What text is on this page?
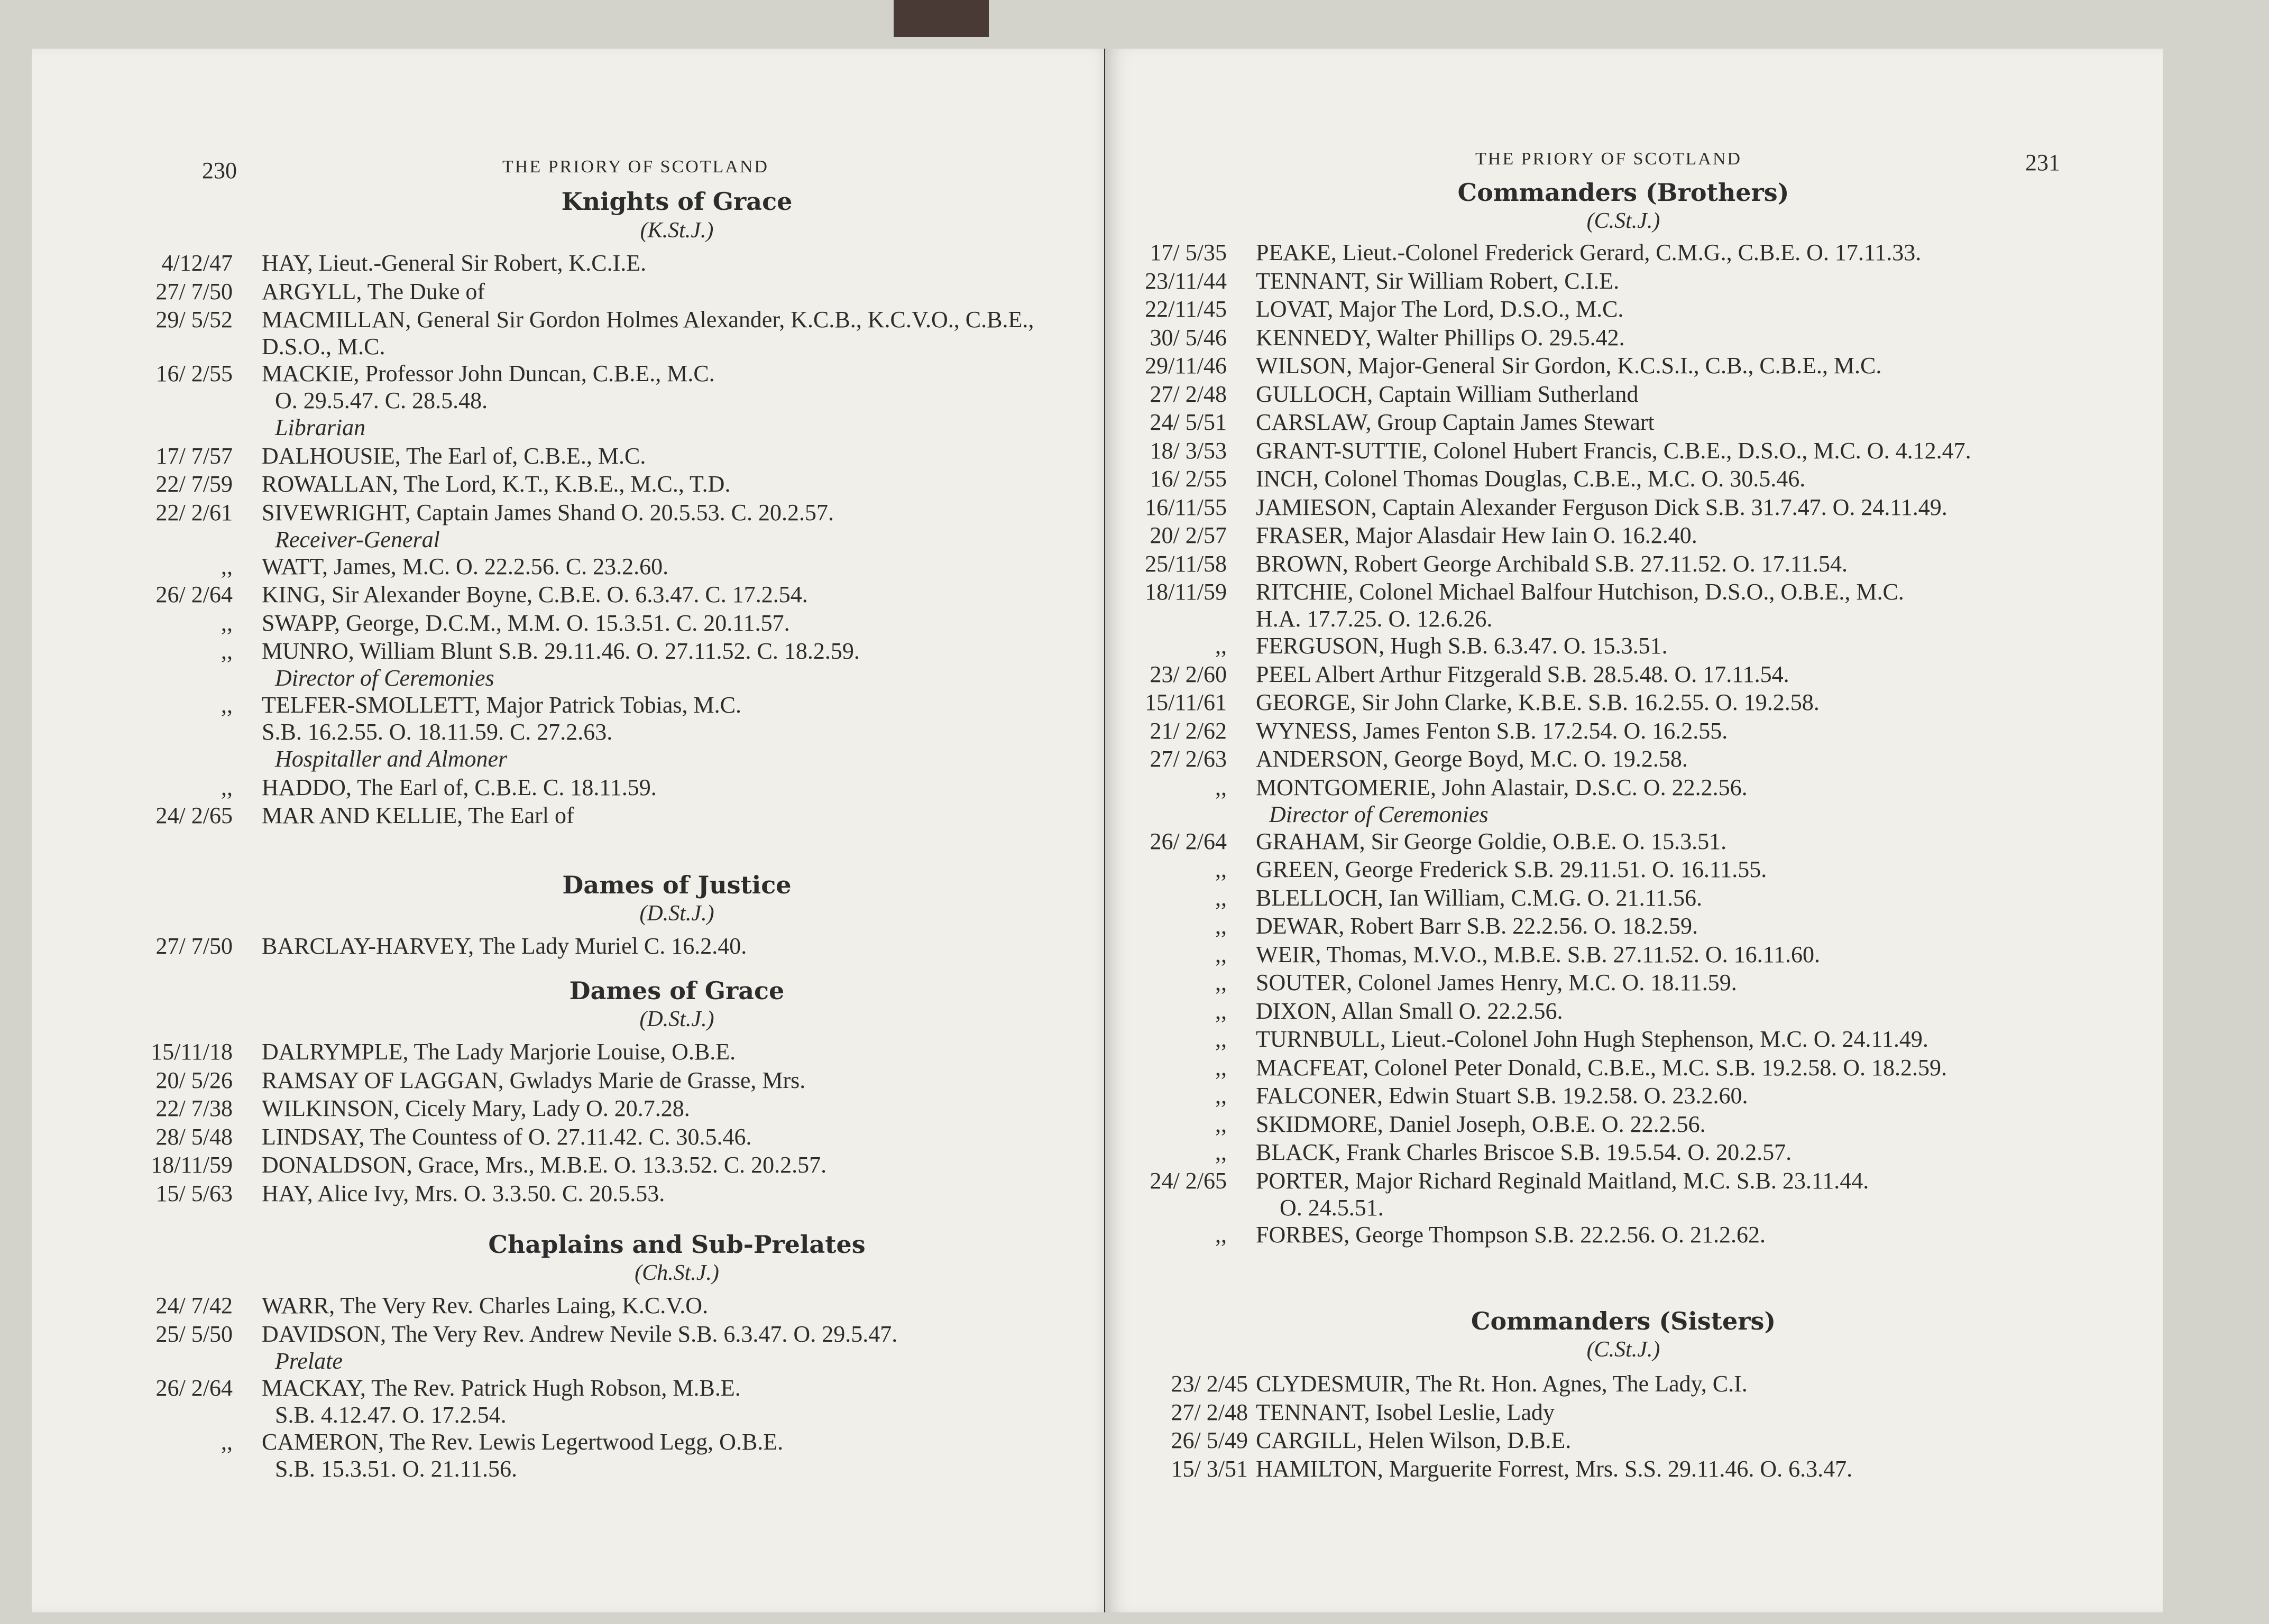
230	THE PRIORY OF SCOTLAND
Knights of Grace
(K.St.J.)
4/12/47 HAY, Lieut.-General Sir Robert, K.C.I.E.
27/ 7/50 ARGYLL, The Duke of
29/ 5/52 MACMILLAN, General Sir Gordon Holmes Alexander, K.C.B., K.C.V.O., C.B.E.,
D.S.O., M.C.
16/ 2/55 MACKIE, Professor John Duncan, C.B.E., M.C.
O. 29.5.47. C. 28.5.48.
Librarian
17/ 7/57 DALHOUSIE, The Earl of, C.B.E., M.C.
22/ 7/59 ROWALLAN, The Lord, K.T., K.B.E., M.C., T.D.
22/ 2/61 SIVEWRIGHT, Captain James Shand O. 20.5.53. C. 20.2.57.
Receiver-General
,, WATT, James, M.C. O. 22.2.56. C. 23.2.60.
26/ 2/64 KING, Sir Alexander Boyne, C.B.E. O. 6.3.47. C. 17.2.54.
,, SWAPP, George, D.C.M., M.M. O. 15.3.51. C. 20.11.57.
,, MUNRO, William Blunt S.B. 29.11.46. O. 27.11.52. C. 18.2.59.
Director of Ceremonies
,, TELFER-SMOLLETT, Major Patrick Tobias, M.C.
S.B. 16.2.55. O. 18.11.59. C. 27.2.63.
Hospitaller and Almoner
,, HADDO, The Earl of, C.B.E. C. 18.11.59.
24/ 2/65 MAR AND KELLIE, The Earl of
Dames of Justice
(D.St.J.)
27/ 7/50 BARCLAY-HARVEY, The Lady Muriel C. 16.2.40.
Dames of Grace
(D.St.J.)
15/11/18 DALRYMPLE, The Lady Marjorie Louise, O.B.E.
20/ 5/26 RAMSAY OF LAGGAN, Gwladys Marie de Grasse, Mrs.
22/ 7/38 WILKINSON, Cicely Mary, Lady O. 20.7.28.
28/ 5/48 LINDSAY, The Countess of O. 27.11.42. C. 30.5.46.
18/11/59 DONALDSON, Grace, Mrs., M.B.E. O. 13.3.52. C. 20.2.57.
15/ 5/63 HAY, Alice Ivy, Mrs. O. 3.3.50. C. 20.5.53.
Chaplains and Sub-Prelates
(Ch.St.J.)
24/ 7/42 WARR, The Very Rev. Charles Laing, K.C.V.O.
25/ 5/50 DAVIDSON, The Very Rev. Andrew Nevile S.B. 6.3.47. O. 29.5.47.
Prelate
26/ 2/64 MACKAY, The Rev. Patrick Hugh Robson, M.B.E.
S.B. 4.12.47. O. 17.2.54.
,, CAMERON, The Rev. Lewis Legertwood Legg, O.B.E.
S.B. 15.3.51. O. 21.11.56.
THE PRIORY OF SCOTLAND	231
Commanders (Brothers)
(C.St.J.)
17/ 5/35 PEAKE, Lieut.-Colonel Frederick Gerard, C.M.G., C.B.E. O. 17.11.33.
23/11/44 TENNANT, Sir William Robert, C.I.E.
22/11/45 LOVAT, Major The Lord, D.S.O., M.C.
30/ 5/46 KENNEDY, Walter Phillips O. 29.5.42.
29/11/46 WILSON, Major-General Sir Gordon, K.C.S.I., C.B., C.B.E., M.C.
27/ 2/48 GULLOCH, Captain William Sutherland
24/ 5/51 CARSLAW, Group Captain James Stewart
18/ 3/53 GRANT-SUTTIE, Colonel Hubert Francis, C.B.E., D.S.O., M.C. O. 4.12.47.
16/ 2/55 INCH, Colonel Thomas Douglas, C.B.E., M.C. O. 30.5.46.
16/11/55 JAMIESON, Captain Alexander Ferguson Dick S.B. 31.7.47. O. 24.11.49.
20/ 2/57 FRASER, Major Alasdair Hew Iain O. 16.2.40.
25/11/58 BROWN, Robert George Archibald S.B. 27.11.52. O. 17.11.54.
18/11/59 RITCHIE, Colonel Michael Balfour Hutchison, D.S.O., O.B.E., M.C.
H.A. 17.7.25. O. 12.6.26.
,, FERGUSON, Hugh S.B. 6.3.47. O. 15.3.51.
23/ 2/60 PEEL Albert Arthur Fitzgerald S.B. 28.5.48. O. 17.11.54.
15/11/61 GEORGE, Sir John Clarke, K.B.E. S.B. 16.2.55. O. 19.2.58.
21/ 2/62 WYNESS, James Fenton S.B. 17.2.54. O. 16.2.55.
27/ 2/63 ANDERSON, George Boyd, M.C. O. 19.2.58.
,, MONTGOMERIE, John Alastair, D.S.C. O. 22.2.56.
Director of Ceremonies
26/ 2/64 GRAHAM, Sir George Goldie, O.B.E. O. 15.3.51.
,, GREEN, George Frederick S.B. 29.11.51. O. 16.11.55.
,, BLELLOCH, Ian William, C.M.G. O. 21.11.56.
,, DEWAR, Robert Barr S.B. 22.2.56. O. 18.2.59.
,, WEIR, Thomas, M.V.O., M.B.E. S.B. 27.11.52. O. 16.11.60.
,, SOUTER, Colonel James Henry, M.C. O. 18.11.59.
,, DIXON, Allan Small O. 22.2.56.
,, TURNBULL, Lieut.-Colonel John Hugh Stephenson, M.C. O. 24.11.49.
,, MACFEAT, Colonel Peter Donald, C.B.E., M.C. S.B. 19.2.58. O. 18.2.59.
,, FALCONER, Edwin Stuart S.B. 19.2.58. O. 23.2.60.
,, SKIDMORE, Daniel Joseph, O.B.E. O. 22.2.56.
,, BLACK, Frank Charles Briscoe S.B. 19.5.54. O. 20.2.57.
24/ 2/65 PORTER, Major Richard Reginald Maitland, M.C. S.B. 23.11.44.
O. 24.5.51.
,, FORBES, George Thompson S.B. 22.2.56. O. 21.2.62.
Commanders (Sisters)
(C.St.J.)
23/ 2/45 CLYDESMUIR, The Rt. Hon. Agnes, The Lady, C.I.
27/ 2/48 TENNANT, Isobel Leslie, Lady
26/ 5/49 CARGILL, Helen Wilson, D.B.E.
15/ 3/51 HAMILTON, Marguerite Forrest, Mrs. S.S. 29.11.46. O. 6.3.47.
